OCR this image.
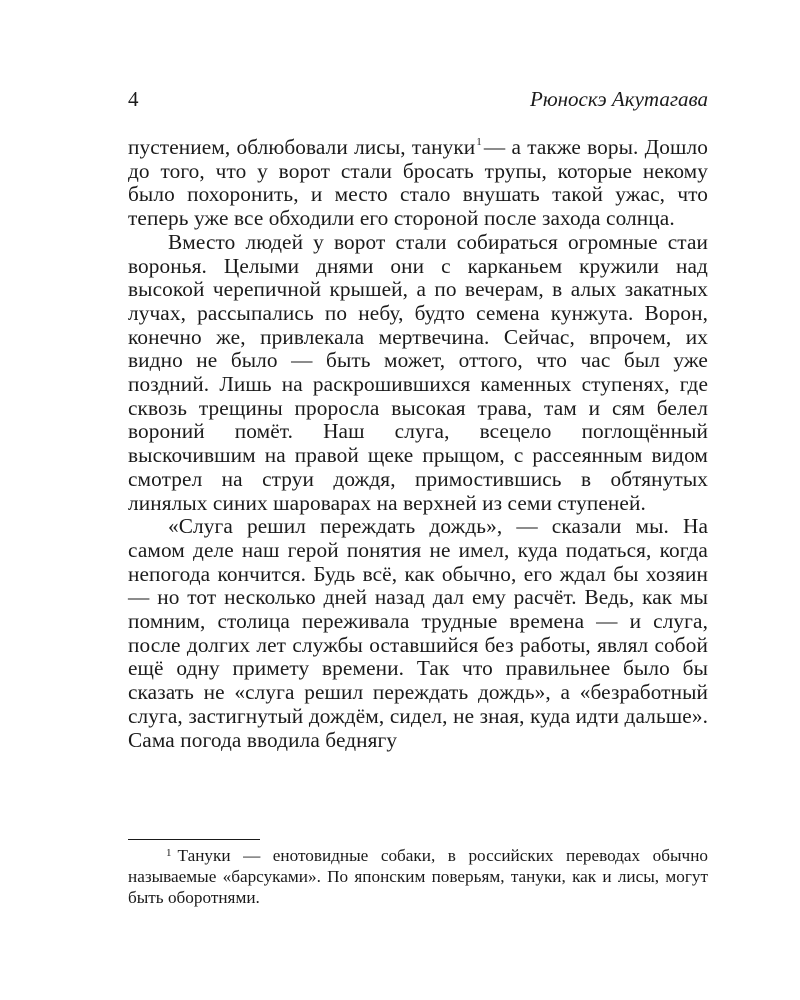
4	Рюноскэ Акутагава

пустением, облюбовали лисы, тануки$^1$— а также воры. Дошло до того, что у ворот стали бросать трупы, которые некому было похоронить, и место стало внушать такой ужас, что теперь уже все обходили его стороной после захода солнца.

Вместо людей у ворот стали собираться огромные стаи воронья. Целыми днями они с карканьем кружили над высокой черепичной крышей, а по вечерам, в алых закатных лучах, рассыпались по небу, будто семена кунжута. Ворон, конечно же, привлекала мертвечина. Сейчас, впрочем, их видно не было — быть может, оттого, что час был уже поздний. Лишь на раскрошившихся каменных ступенях, где сквозь трещины проросла высокая трава, там и сям белел вороний помёт. Наш слуга, всецело поглощённый выскочившим на правой щеке прыщом, с рассеянным видом смотрел на струи дождя, примостившись в обтянутых линялых синих шароварах на верхней из семи ступеней.

«Слуга решил переждать дождь», — сказали мы. На самом деле наш герой понятия не имел, куда податься, когда непогода кончится. Будь всё, как обычно, его ждал бы хозяин — но тот несколько дней назад дал ему расчёт. Ведь, как мы помним, столица переживала трудные времена — и слуга, после долгих лет службы оставшийся без работы, являл собой ещё одну примету времени. Так что правильнее было бы сказать не «слуга решил переждать дождь», а «безработный слуга, застигнутый дождём, сидел, не зная, куда идти дальше». Сама погода вводила беднягу

$^1$ Тануки — енотовидные собаки, в российских переводах обычно называемые «барсуками». По японским поверьям, тануки, как и лисы, могут быть оборотнями.
